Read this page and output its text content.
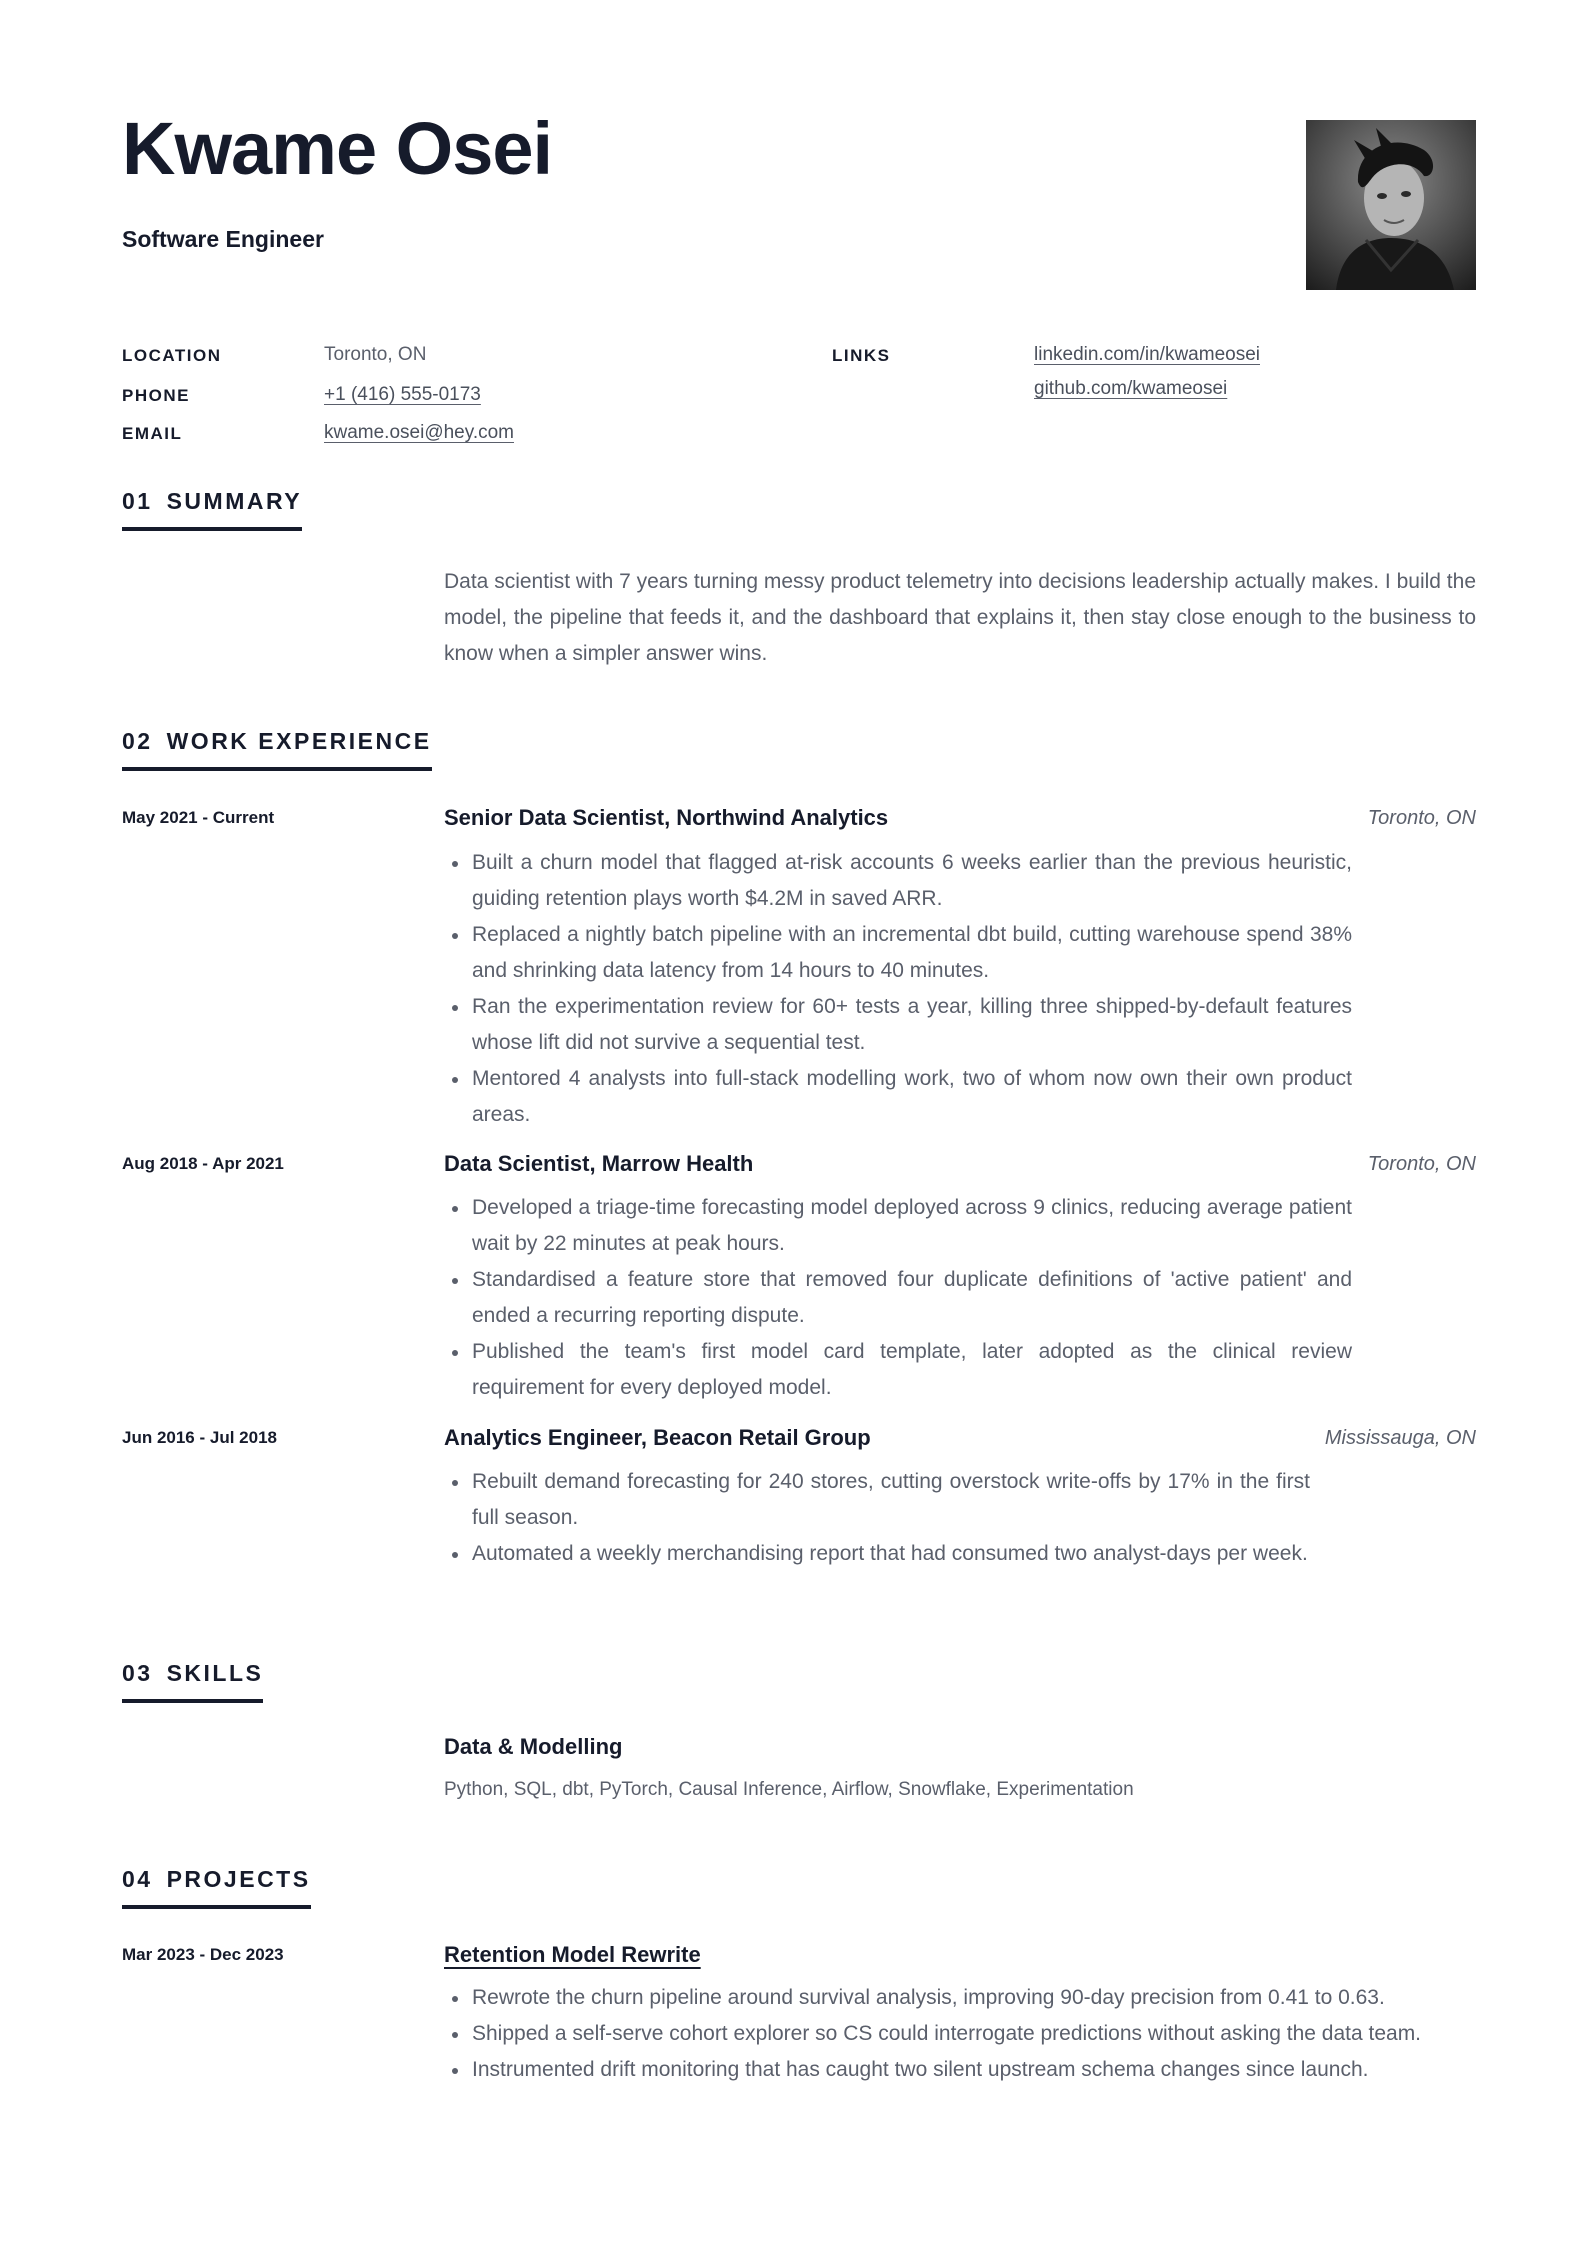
Kwame Osei
Software Engineer
LOCATION	Toronto, ON
PHONE	+1 (416) 555-0173
EMAIL	kwame.osei@hey.com
LINKS	linkedin.com/in/kwameosei
github.com/kwameosei
01 SUMMARY
Data scientist with 7 years turning messy product telemetry into decisions leadership actually makes. I build the model, the pipeline that feeds it, and the dashboard that explains it, then stay close enough to the business to know when a simpler answer wins.
02 WORK EXPERIENCE
May 2021 - Current	Senior Data Scientist, Northwind Analytics	Toronto, ON
Built a churn model that flagged at-risk accounts 6 weeks earlier than the previous heuristic, guiding retention plays worth $4.2M in saved ARR.
Replaced a nightly batch pipeline with an incremental dbt build, cutting warehouse spend 38% and shrinking data latency from 14 hours to 40 minutes.
Ran the experimentation review for 60+ tests a year, killing three shipped-by-default features whose lift did not survive a sequential test.
Mentored 4 analysts into full-stack modelling work, two of whom now own their own product areas.
Aug 2018 - Apr 2021	Data Scientist, Marrow Health	Toronto, ON
Developed a triage-time forecasting model deployed across 9 clinics, reducing average patient wait by 22 minutes at peak hours.
Standardised a feature store that removed four duplicate definitions of 'active patient' and ended a recurring reporting dispute.
Published the team's first model card template, later adopted as the clinical review requirement for every deployed model.
Jun 2016 - Jul 2018	Analytics Engineer, Beacon Retail Group	Mississauga, ON
Rebuilt demand forecasting for 240 stores, cutting overstock write-offs by 17% in the first full season.
Automated a weekly merchandising report that had consumed two analyst-days per week.
03 SKILLS
Data & Modelling
Python, SQL, dbt, PyTorch, Causal Inference, Airflow, Snowflake, Experimentation
04 PROJECTS
Mar 2023 - Dec 2023	Retention Model Rewrite
Rewrote the churn pipeline around survival analysis, improving 90-day precision from 0.41 to 0.63.
Shipped a self-serve cohort explorer so CS could interrogate predictions without asking the data team.
Instrumented drift monitoring that has caught two silent upstream schema changes since launch.
